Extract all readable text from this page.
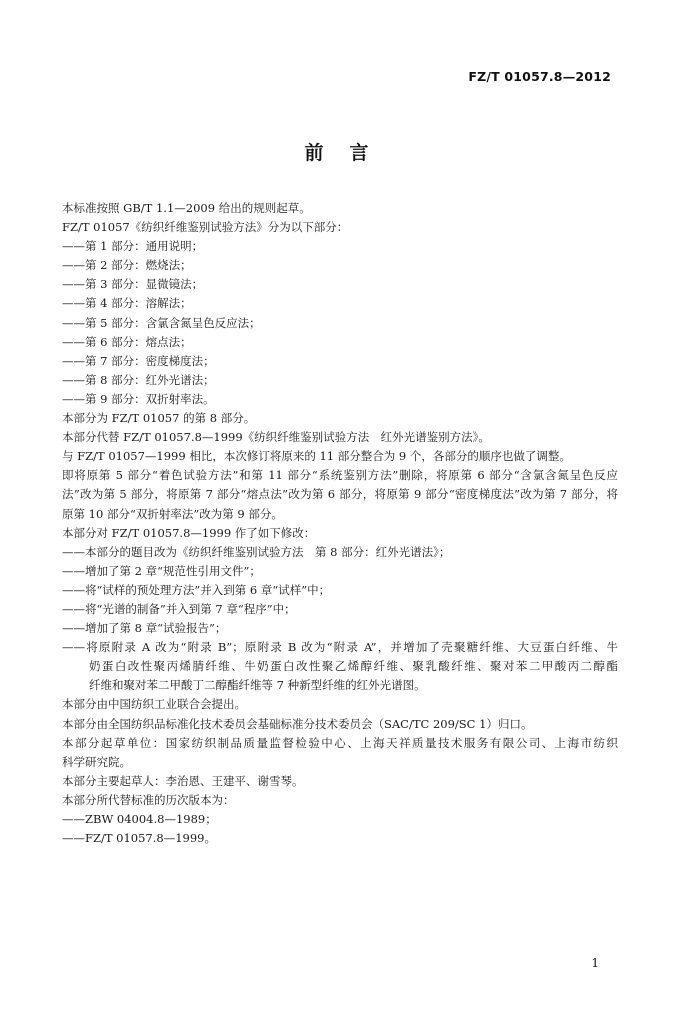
FZ/T 01057.8—2012
前言
本标准按照 GB/T 1.1—2009 给出的规则起草。
FZ/T 01057《纺织纤维鉴别试验方法》分为以下部分：
——第 1 部分：通用说明；
——第 2 部分：燃烧法；
——第 3 部分：显微镜法；
——第 4 部分：溶解法；
——第 5 部分：含氯含氮呈色反应法；
——第 6 部分：熔点法；
——第 7 部分：密度梯度法；
——第 8 部分：红外光谱法；
——第 9 部分：双折射率法。
本部分为 FZ/T 01057 的第 8 部分。
本部分代替 FZ/T 01057.8—1999《纺织纤维鉴别试验方法　红外光谱鉴别方法》。
与 FZ/T 01057—1999 相比，本次修订将原来的 11 部分整合为 9 个，各部分的顺序也做了调整。
即将原第 5 部分“着色试验方法”和第 11 部分“系统鉴别方法”删除，将原第 6 部分“含氯含氮呈色反应
法”改为第 5 部分，将原第 7 部分“熔点法”改为第 6 部分，将原第 9 部分“密度梯度法”改为第 7 部分，将
原第 10 部分“双折射率法”改为第 9 部分。
本部分对 FZ/T 01057.8—1999 作了如下修改：
——本部分的题目改为《纺织纤维鉴别试验方法　第 8 部分：红外光谱法》；
——增加了第 2 章“规范性引用文件”；
——将“试样的预处理方法”并入到第 6 章“试样”中；
——将“光谱的制备”并入到第 7 章“程序”中；
——增加了第 8 章“试验报告”；
——将原附录 A 改为“附录 B”；原附录 B 改为“附录 A”，并增加了壳聚糖纤维、大豆蛋白纤维、牛
奶蛋白改性聚丙烯腈纤维、牛奶蛋白改性聚乙烯醇纤维、聚乳酸纤维、聚对苯二甲酸丙二醇酯
纤维和聚对苯二甲酸丁二醇酯纤维等 7 种新型纤维的红外光谱图。
本部分由中国纺织工业联合会提出。
本部分由全国纺织品标准化技术委员会基础标准分技术委员会（SAC/TC 209/SC 1）归口。
本部分起草单位：国家纺织制品质量监督检验中心、上海天祥质量技术服务有限公司、上海市纺织
科学研究院。
本部分主要起草人：李治恩、王建平、谢雪琴。
本部分所代替标准的历次版本为：
——ZBW 04004.8—1989；
——FZ/T 01057.8—1999。
1
